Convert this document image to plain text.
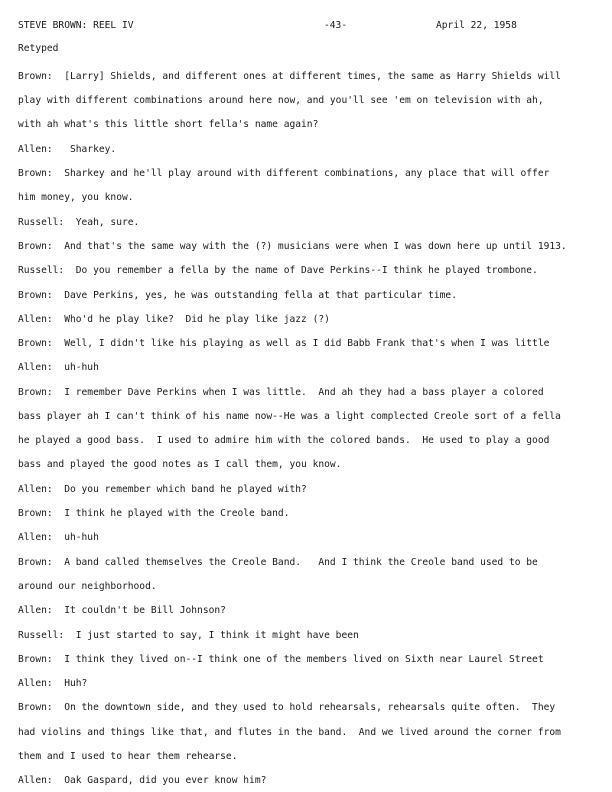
STEVE BROWN: REEL IV	-43-	April 22, 1958
Retyped
Brown:  [Larry] Shields, and different ones at different times, the same as Harry Shields will
play with different combinations around here now, and you'll see 'em on television with ah,
with ah what's this little short fella's name again?
Allen:   Sharkey.
Brown:  Sharkey and he'll play around with different combinations, any place that will offer
him money, you know.
Russell:  Yeah, sure.
Brown:  And that's the same way with the (?) musicians were when I was down here up until 1913.
Russell:  Do you remember a fella by the name of Dave Perkins--I think he played trombone.
Brown:  Dave Perkins, yes, he was outstanding fella at that particular time.
Allen:  Who'd he play like?  Did he play like jazz (?)
Brown:  Well, I didn't like his playing as well as I did Babb Frank that's when I was little
Allen:  uh-huh
Brown:  I remember Dave Perkins when I was little.  And ah they had a bass player a colored
bass player ah I can't think of his name now--He was a light complected Creole sort of a fella
he played a good bass.  I used to admire him with the colored bands.  He used to play a good
bass and played the good notes as I call them, you know.
Allen:  Do you remember which band he played with?
Brown:  I think he played with the Creole band.
Allen:  uh-huh
Brown:  A band called themselves the Creole Band.   And I think the Creole band used to be
around our neighborhood.
Allen:  It couldn't be Bill Johnson?
Russell:  I just started to say, I think it might have been
Brown:  I think they lived on--I think one of the members lived on Sixth near Laurel Street
Allen:  Huh?
Brown:  On the downtown side, and they used to hold rehearsals, rehearsals quite often.  They
had violins and things like that, and flutes in the band.  And we lived around the corner from
them and I used to hear them rehearse.
Allen:  Oak Gaspard, did you ever know him?
